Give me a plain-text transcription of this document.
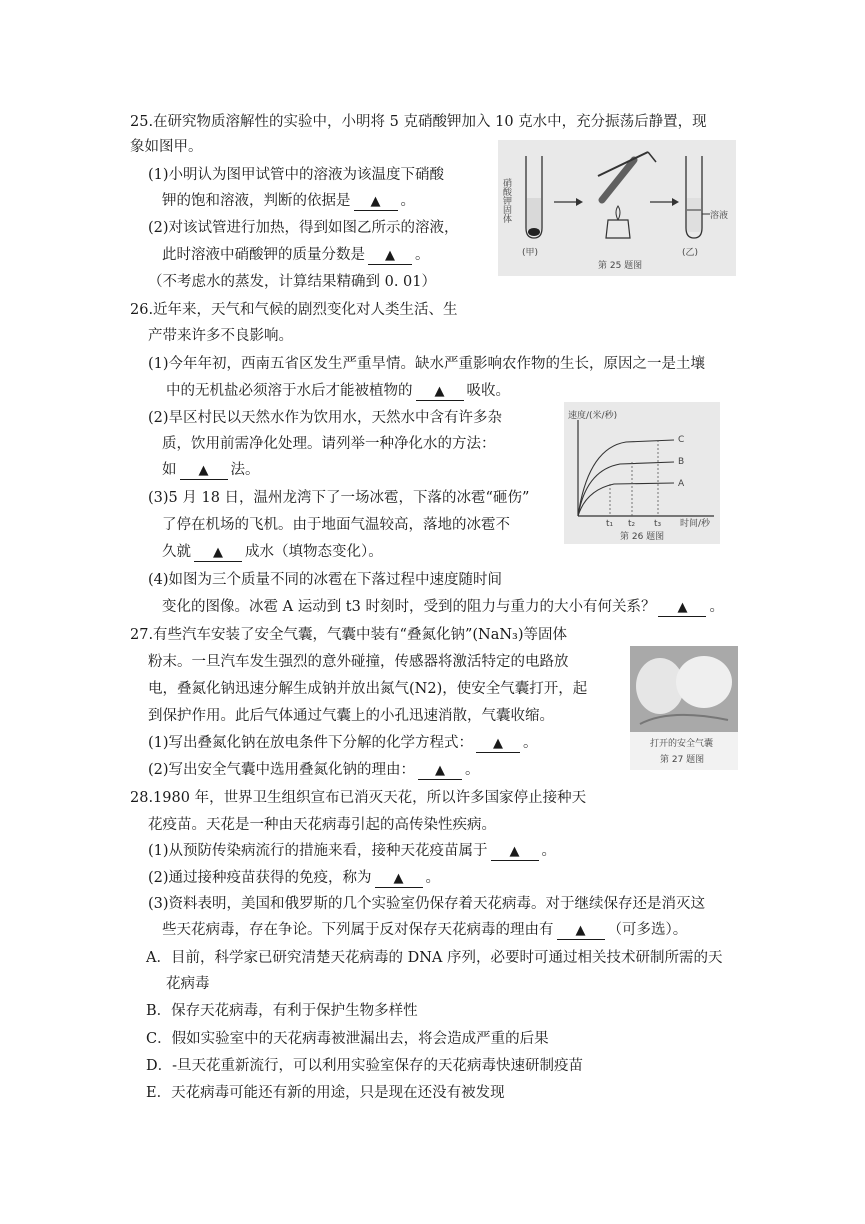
25.在研究物质溶解性的实验中，小明将 5 克硝酸钾加入 10 克水中，充分振荡后静置，现
象如图甲。
(1)小明认为图甲试管中的溶液为该温度下硝酸
钾的饱和溶液，判断的依据是 ▲ 。
(2)对该试管进行加热，得到如图乙所示的溶液，
此时溶液中硝酸钾的质量分数是 ▲ 。
（不考虑水的蒸发，计算结果精确到 0. 01）
硝酸钾固体
(甲)
溶液
(乙)
第 25 题图
26.近年来，天气和气候的剧烈变化对人类生活、生
产带来许多不良影响。
(1)今年年初，西南五省区发生严重旱情。缺水严重影响农作物的生长，原因之一是土壤
中的无机盐必须溶于水后才能被植物的 ▲ 吸收。
(2)旱区村民以天然水作为饮用水，天然水中含有许多杂
质，饮用前需净化处理。请列举一种净化水的方法：
如 ▲ 法。
(3)5 月 18 日，温州龙湾下了一场冰雹，下落的冰雹“砸伤”
了停在机场的飞机。由于地面气温较高，落地的冰雹不
久就 ▲ 成水（填物态变化）。
(4)如图为三个质量不同的冰雹在下落过程中速度随时间
变化的图像。冰雹 A 运动到 t3 时刻时，受到的阻力与重力的大小有何关系？ ▲ 。
速度/(米/秒)
时间/秒
C
B
A
t₁ t₂ t₃
第 26 题图
27.有些汽车安装了安全气囊，气囊中装有“叠氮化钠”(NaN₃)等固体
粉末。一旦汽车发生强烈的意外碰撞，传感器将激活特定的电路放
电，叠氮化钠迅速分解生成钠并放出氮气(N2)，使安全气囊打开，起
到保护作用。此后气体通过气囊上的小孔迅速消散，气囊收缩。
(1)写出叠氮化钠在放电条件下分解的化学方程式： ▲ 。
(2)写出安全气囊中选用叠氮化钠的理由： ▲ 。
打开的安全气囊
第 27 题图
28.1980 年，世界卫生组织宣布已消灭天花，所以许多国家停止接种天
花疫苗。天花是一种由天花病毒引起的高传染性疾病。
(1)从预防传染病流行的措施来看，接种天花疫苗属于 ▲ 。
(2)通过接种疫苗获得的免疫，称为 ▲ 。
(3)资料表明，美国和俄罗斯的几个实验室仍保存着天花病毒。对于继续保存还是消灭这
些天花病毒，存在争论。下列属于反对保存天花病毒的理由有 ▲ （可多选）。
A．目前，科学家已研究清楚天花病毒的 DNA 序列，必要时可通过相关技术研制所需的天
花病毒
B．保存天花病毒，有利于保护生物多样性
C．假如实验室中的天花病毒被泄漏出去，将会造成严重的后果
D．-旦天花重新流行，可以利用实验室保存的天花病毒快速研制疫苗
E．天花病毒可能还有新的用途，只是现在还没有被发现
